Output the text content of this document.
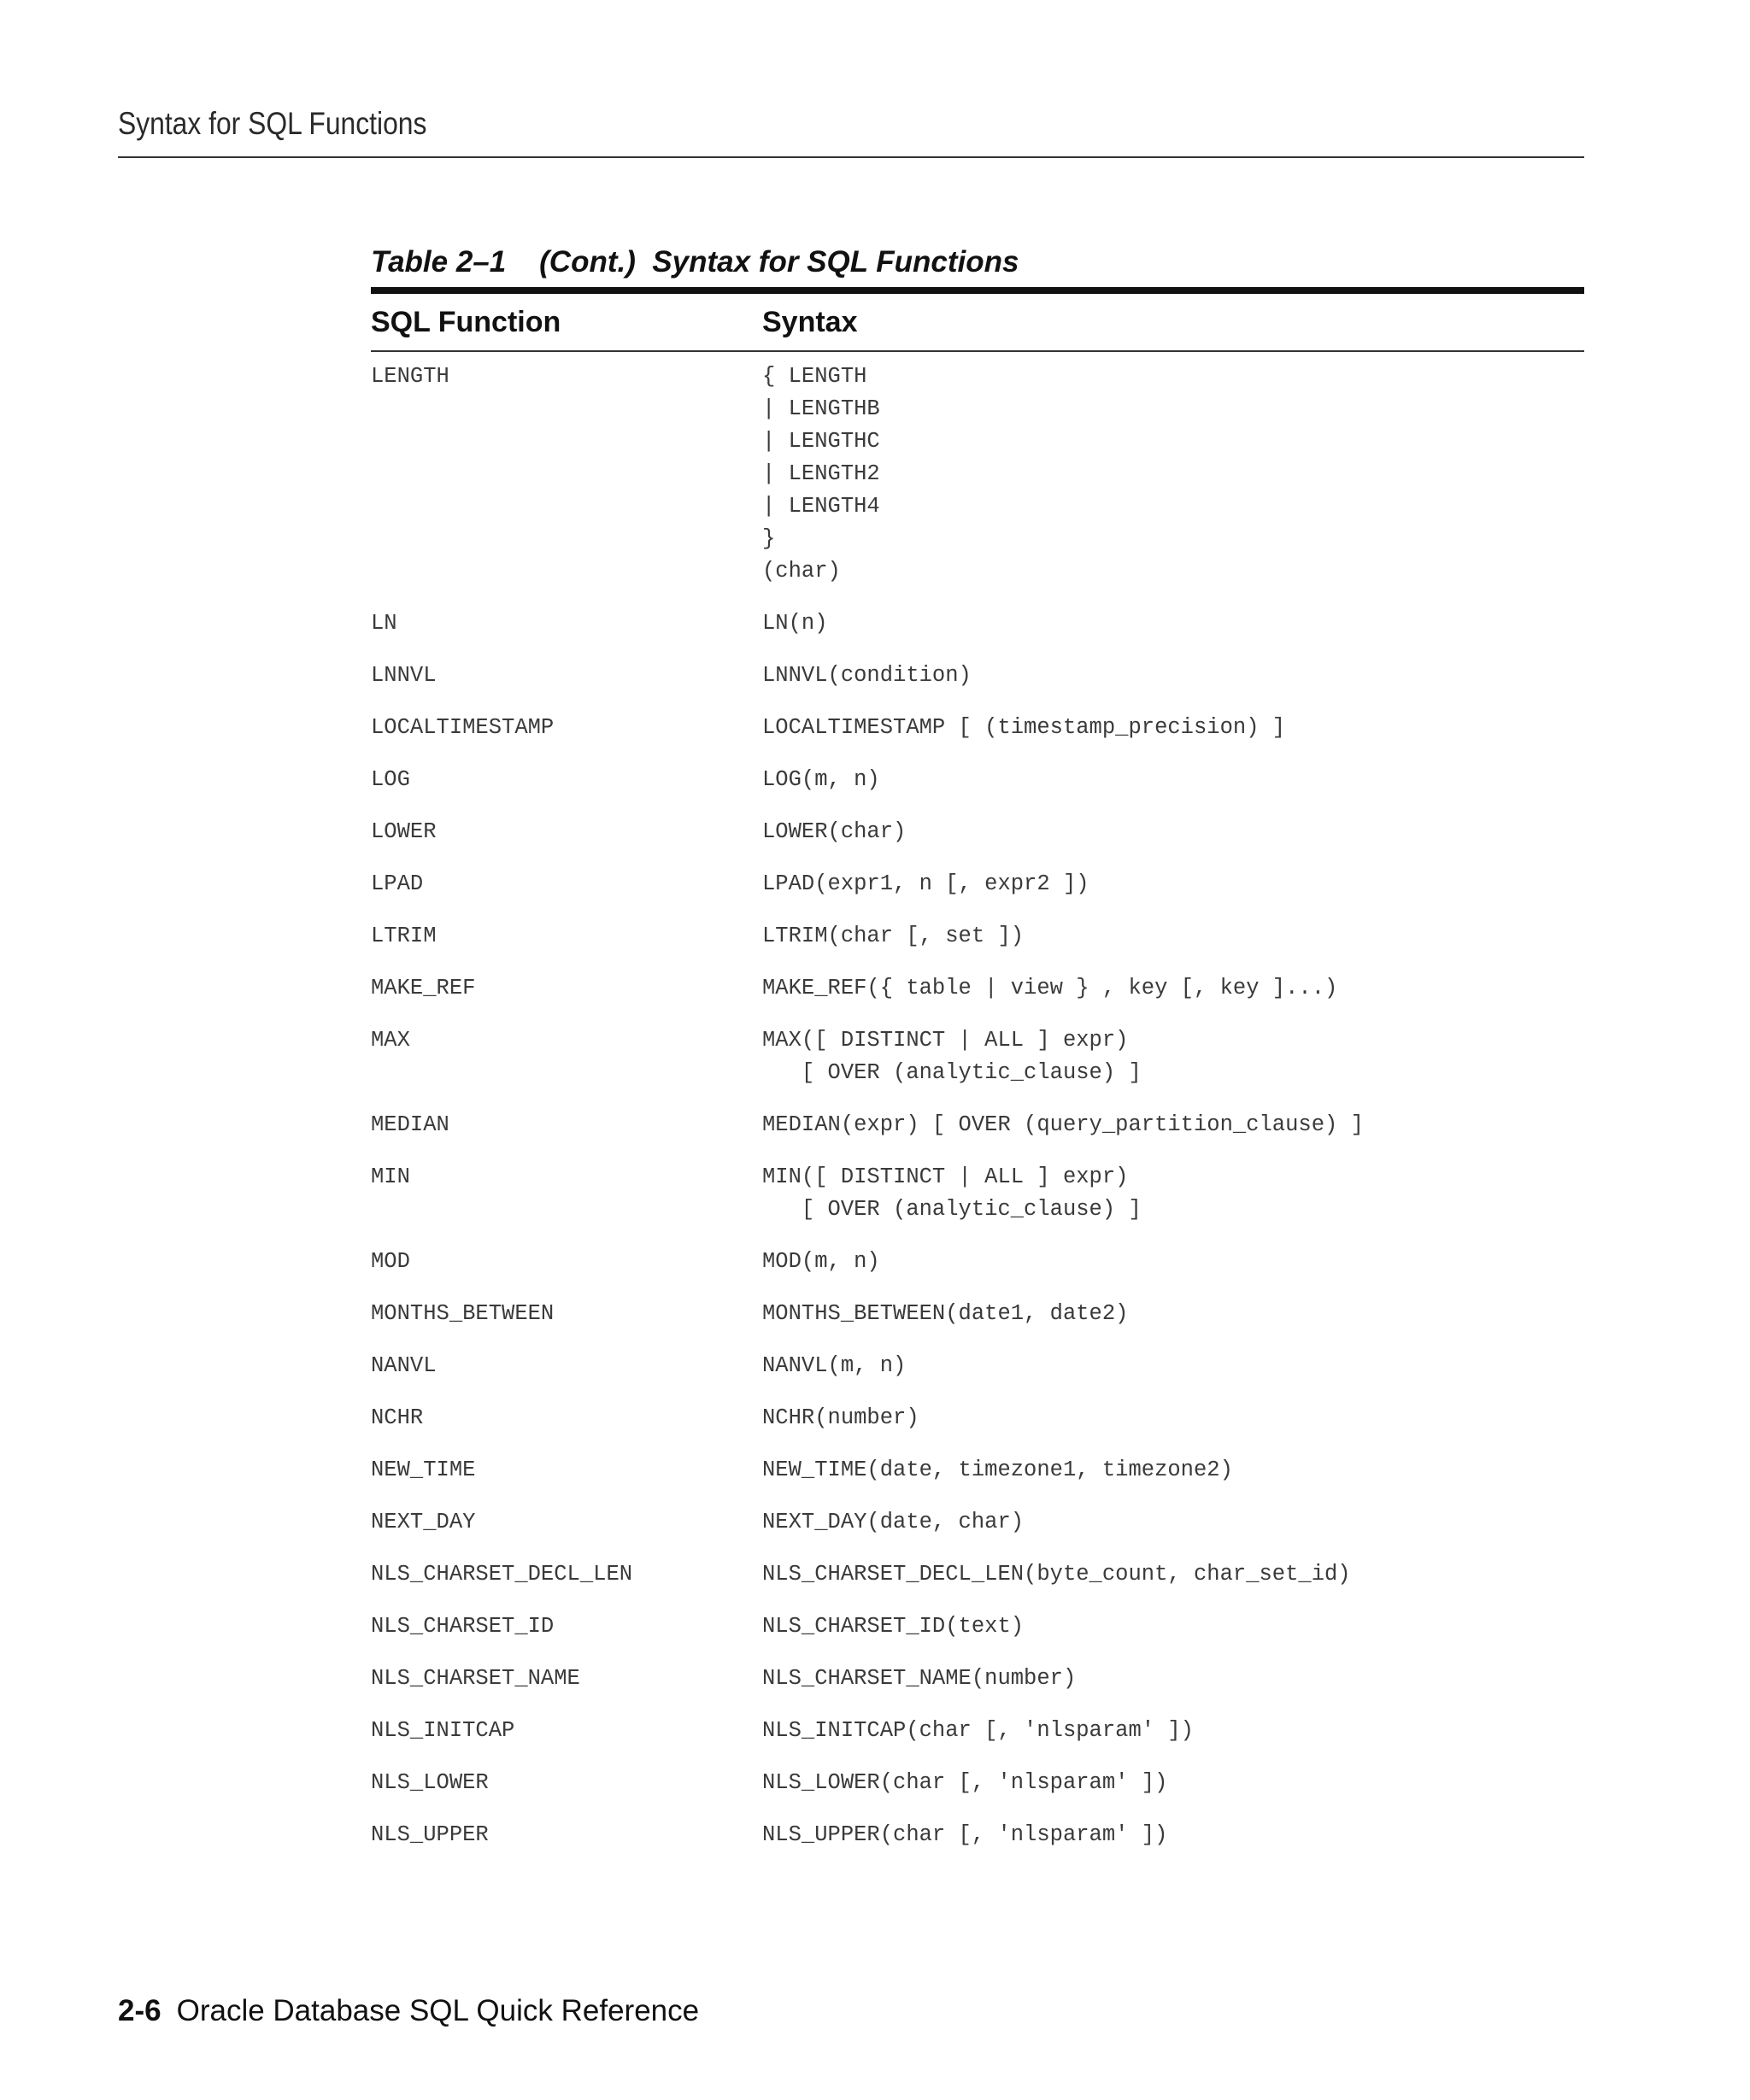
Syntax for SQL Functions
Table 2–1    (Cont.)  Syntax for SQL Functions
SQL Function	Syntax
LENGTH	{ LENGTH
| LENGTHB
| LENGTHC
| LENGTH2
| LENGTH4
}
(char)
LN	LN(n)
LNNVL	LNNVL(condition)
LOCALTIMESTAMP	LOCALTIMESTAMP [ (timestamp_precision) ]
LOG	LOG(m, n)
LOWER	LOWER(char)
LPAD	LPAD(expr1, n [, expr2 ])
LTRIM	LTRIM(char [, set ])
MAKE_REF	MAKE_REF({ table | view } , key [, key ]...)
MAX	MAX([ DISTINCT | ALL ] expr)
[ OVER (analytic_clause) ]
MEDIAN	MEDIAN(expr) [ OVER (query_partition_clause) ]
MIN	MIN([ DISTINCT | ALL ] expr)
[ OVER (analytic_clause) ]
MOD	MOD(m, n)
MONTHS_BETWEEN	MONTHS_BETWEEN(date1, date2)
NANVL	NANVL(m, n)
NCHR	NCHR(number)
NEW_TIME	NEW_TIME(date, timezone1, timezone2)
NEXT_DAY	NEXT_DAY(date, char)
NLS_CHARSET_DECL_LEN	NLS_CHARSET_DECL_LEN(byte_count, char_set_id)
NLS_CHARSET_ID	NLS_CHARSET_ID(text)
NLS_CHARSET_NAME	NLS_CHARSET_NAME(number)
NLS_INITCAP	NLS_INITCAP(char [, 'nlsparam' ])
NLS_LOWER	NLS_LOWER(char [, 'nlsparam' ])
NLS_UPPER	NLS_UPPER(char [, 'nlsparam' ])
2-6 Oracle Database SQL Quick Reference
